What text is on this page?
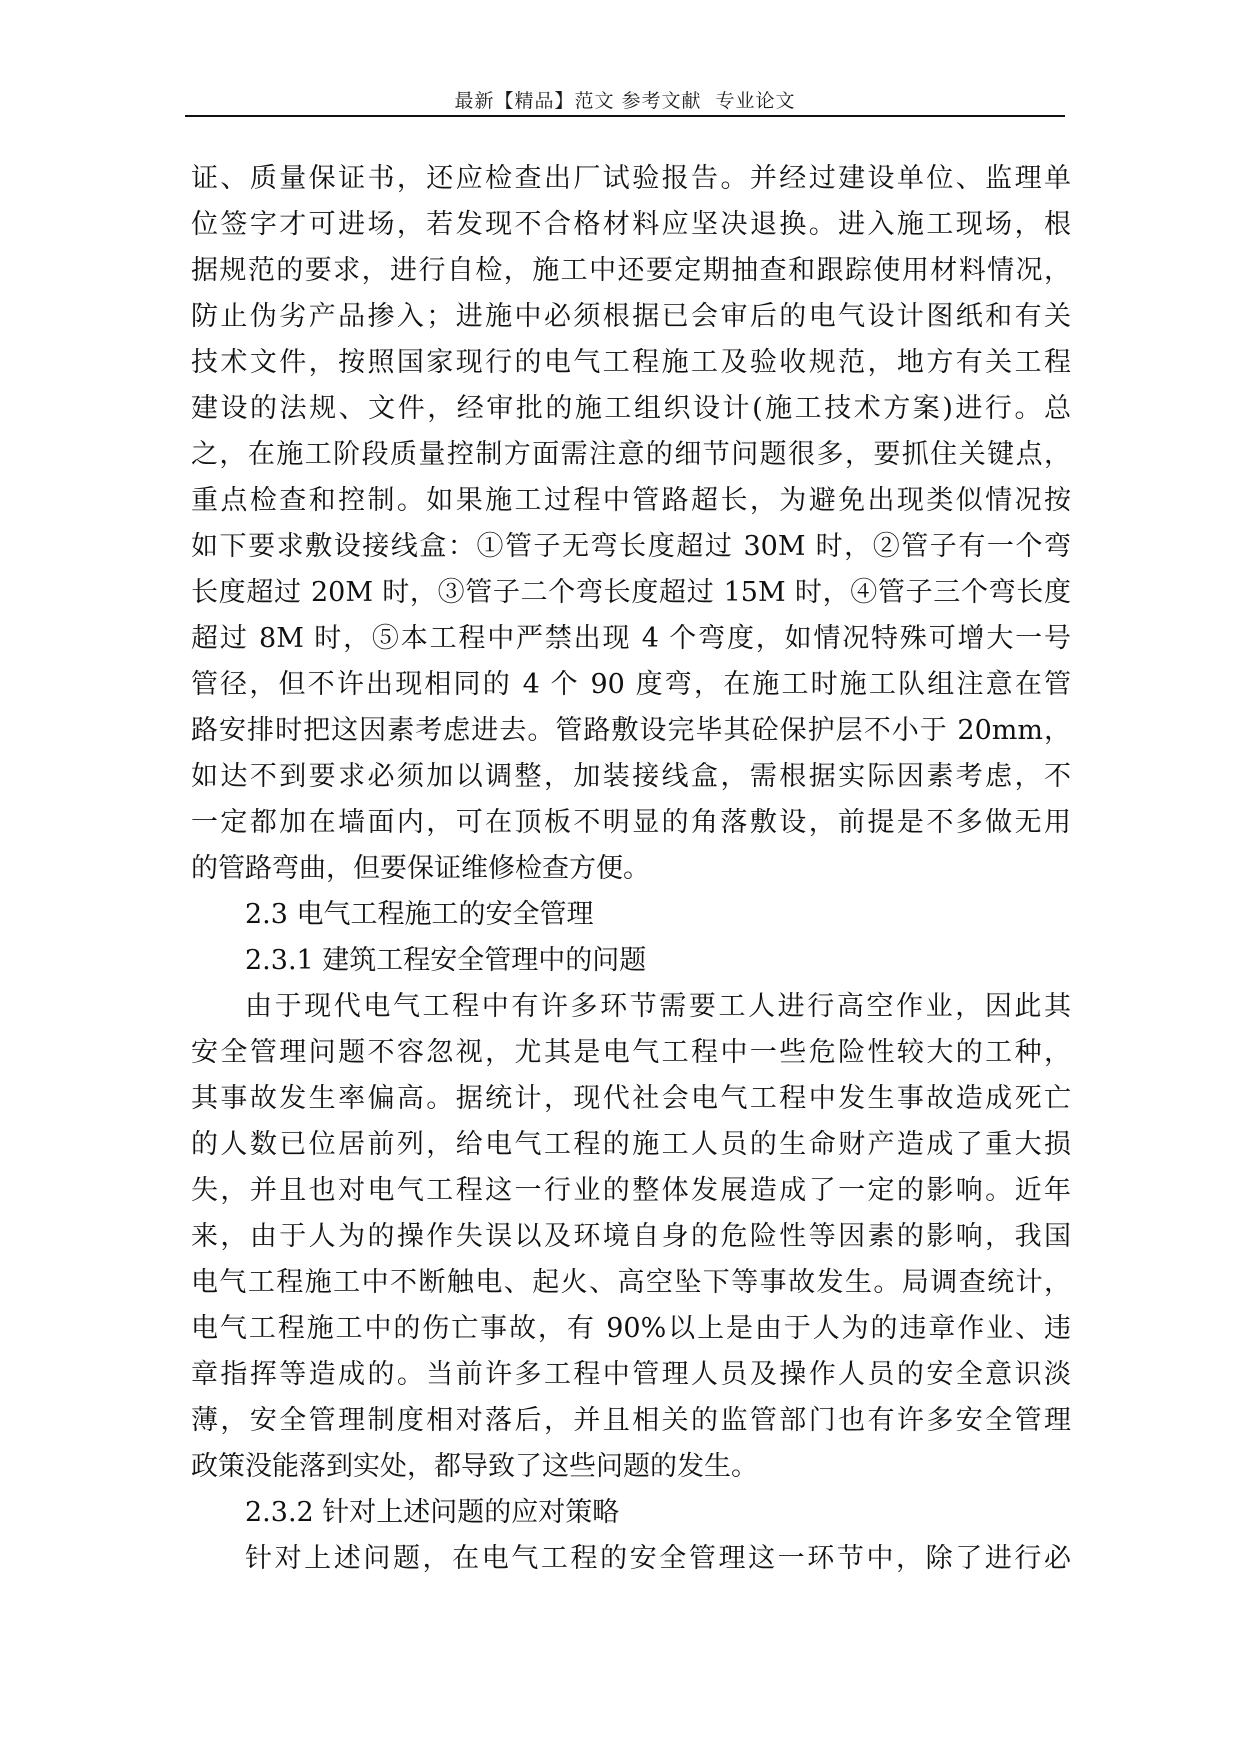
最新【精品】范文 参考文献  专业论文
证、质量保证书，还应检查出厂试验报告。并经过建设单位、监理单
位签字才可进场，若发现不合格材料应坚决退换。进入施工现场，根
据规范的要求，进行自检，施工中还要定期抽查和跟踪使用材料情况，
防止伪劣产品掺入；进施中必须根据已会审后的电气设计图纸和有关
技术文件，按照国家现行的电气工程施工及验收规范，地方有关工程
建设的法规、文件，经审批的施工组织设计(施工技术方案)进行。总
之，在施工阶段质量控制方面需注意的细节问题很多，要抓住关键点，
重点检查和控制。如果施工过程中管路超长，为避免出现类似情况按
如下要求敷设接线盒：①管子无弯长度超过 30M 时，②管子有一个弯
长度超过 20M 时，③管子二个弯长度超过 15M 时，④管子三个弯长度
超过 8M 时，⑤本工程中严禁出现 4 个弯度，如情况特殊可增大一号
管径，但不许出现相同的 4 个 90 度弯，在施工时施工队组注意在管
路安排时把这因素考虑进去。管路敷设完毕其砼保护层不小于 20mm，
如达不到要求必须加以调整，加装接线盒，需根据实际因素考虑，不
一定都加在墙面内，可在顶板不明显的角落敷设，前提是不多做无用
的管路弯曲，但要保证维修检查方便。
2.3 电气工程施工的安全管理
2.3.1 建筑工程安全管理中的问题
由于现代电气工程中有许多环节需要工人进行高空作业，因此其
安全管理问题不容忽视，尤其是电气工程中一些危险性较大的工种，
其事故发生率偏高。据统计，现代社会电气工程中发生事故造成死亡
的人数已位居前列，给电气工程的施工人员的生命财产造成了重大损
失，并且也对电气工程这一行业的整体发展造成了一定的影响。近年
来，由于人为的操作失误以及环境自身的危险性等因素的影响，我国
电气工程施工中不断触电、起火、高空坠下等事故发生。局调查统计，
电气工程施工中的伤亡事故，有 90%以上是由于人为的违章作业、违
章指挥等造成的。当前许多工程中管理人员及操作人员的安全意识淡
薄，安全管理制度相对落后，并且相关的监管部门也有许多安全管理
政策没能落到实处，都导致了这些问题的发生。
2.3.2 针对上述问题的应对策略
针对上述问题，在电气工程的安全管理这一环节中，除了进行必
